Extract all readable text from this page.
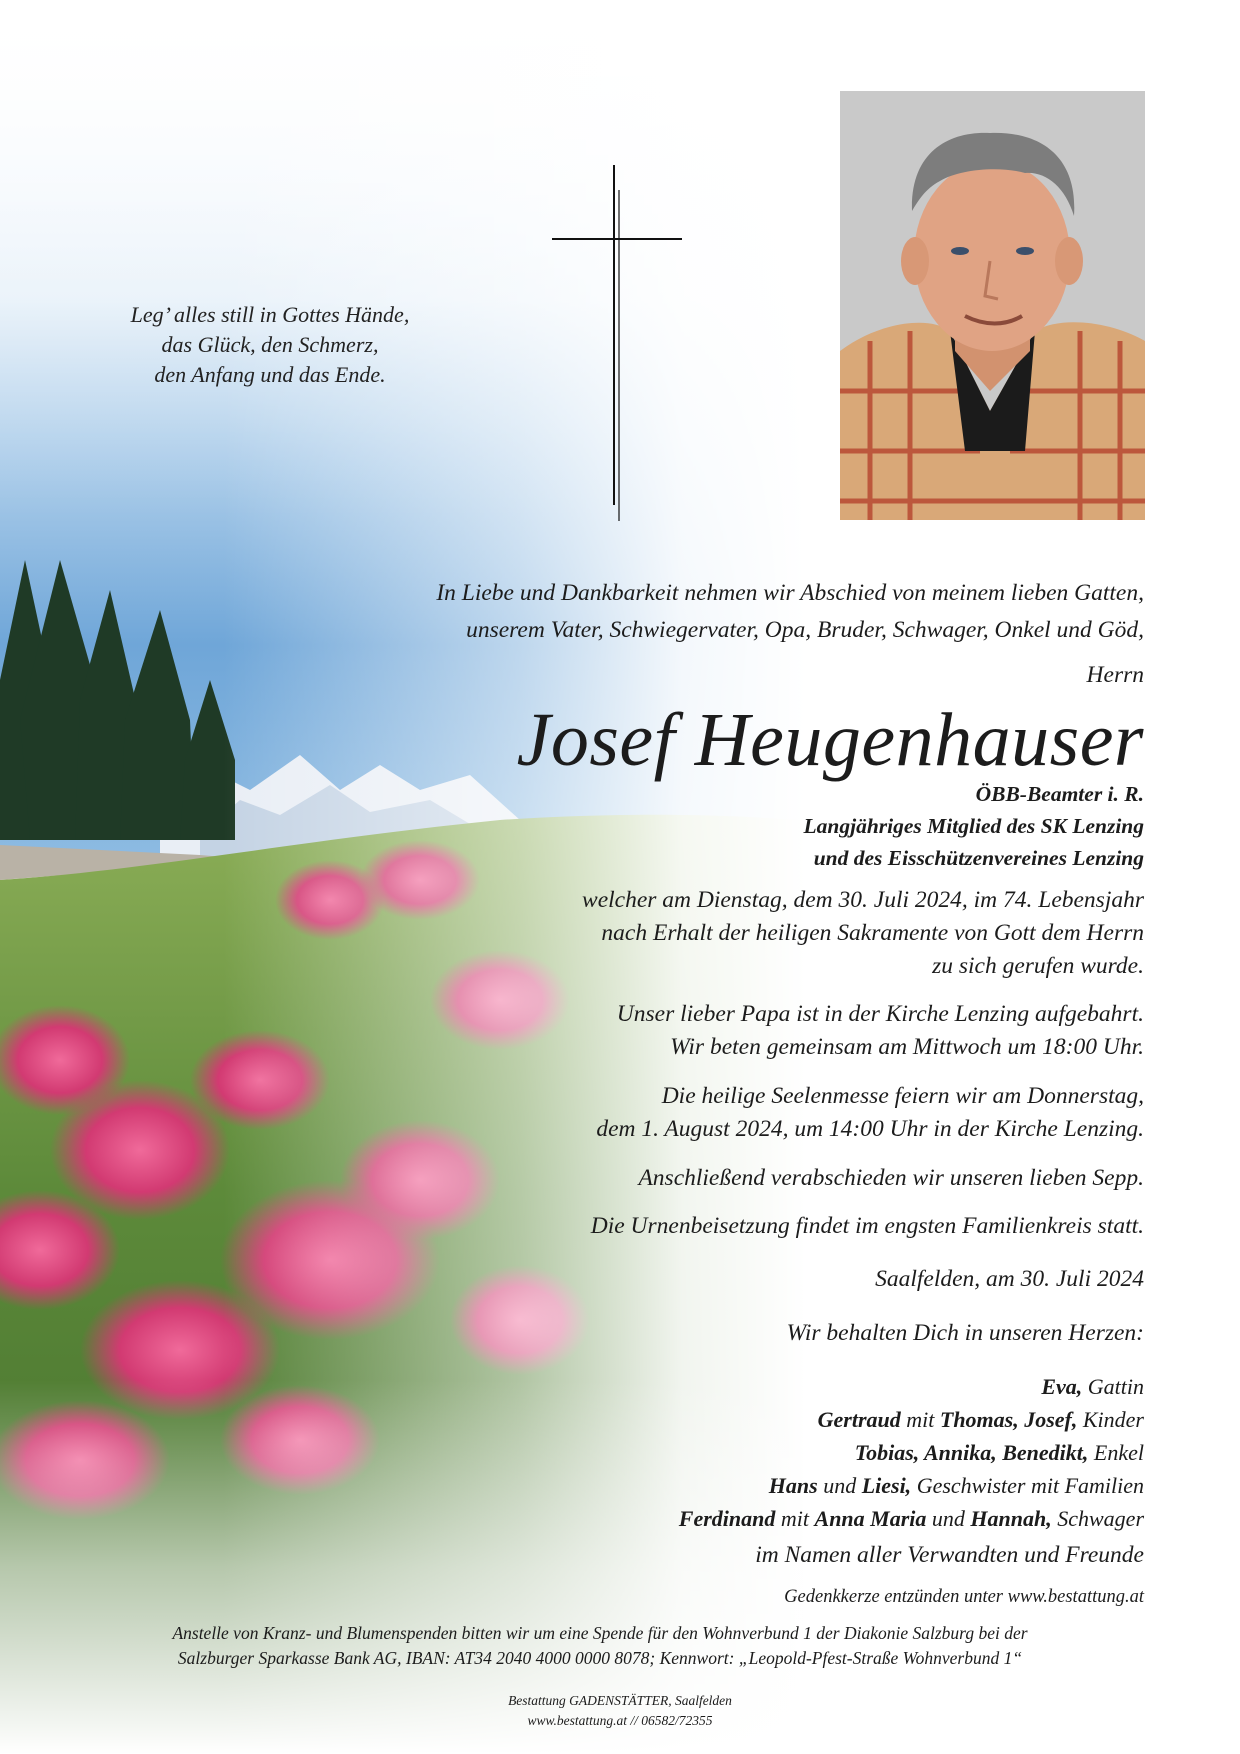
Leg’ alles still in Gottes Hände,
das Glück, den Schmerz,
den Anfang und das Ende.
In Liebe und Dankbarkeit nehmen wir Abschied von meinem lieben Gatten,
unserem Vater, Schwiegervater, Opa, Bruder, Schwager, Onkel und Göd,
Herrn
Josef Heugenhauser
ÖBB-Beamter i. R.
Langjähriges Mitglied des SK Lenzing
und des Eisschützenvereines Lenzing
welcher am Dienstag, dem 30. Juli 2024, im 74. Lebensjahr
nach Erhalt der heiligen Sakramente von Gott dem Herrn
zu sich gerufen wurde.
Unser lieber Papa ist in der Kirche Lenzing aufgebahrt.
Wir beten gemeinsam am Mittwoch um 18:00 Uhr.
Die heilige Seelenmesse feiern wir am Donnerstag,
dem 1. August 2024, um 14:00 Uhr in der Kirche Lenzing.
Anschließend verabschieden wir unseren lieben Sepp.
Die Urnenbeisetzung findet im engsten Familienkreis statt.
Saalfelden, am 30. Juli 2024
Wir behalten Dich in unseren Herzen:
Eva, Gattin
Gertraud mit Thomas, Josef, Kinder
Tobias, Annika, Benedikt, Enkel
Hans und Liesi, Geschwister mit Familien
Ferdinand mit Anna Maria und Hannah, Schwager
im Namen aller Verwandten und Freunde
Gedenkkerze entzünden unter www.bestattung.at
Anstelle von Kranz- und Blumenspenden bitten wir um eine Spende für den Wohnverbund 1 der Diakonie Salzburg bei der
Salzburger Sparkasse Bank AG, IBAN: AT34 2040 4000 0000 8078; Kennwort: „Leopold-Pfest-Straße Wohnverbund 1“
Bestattung GADENSTÄTTER, Saalfelden
www.bestattung.at // 06582/72355
